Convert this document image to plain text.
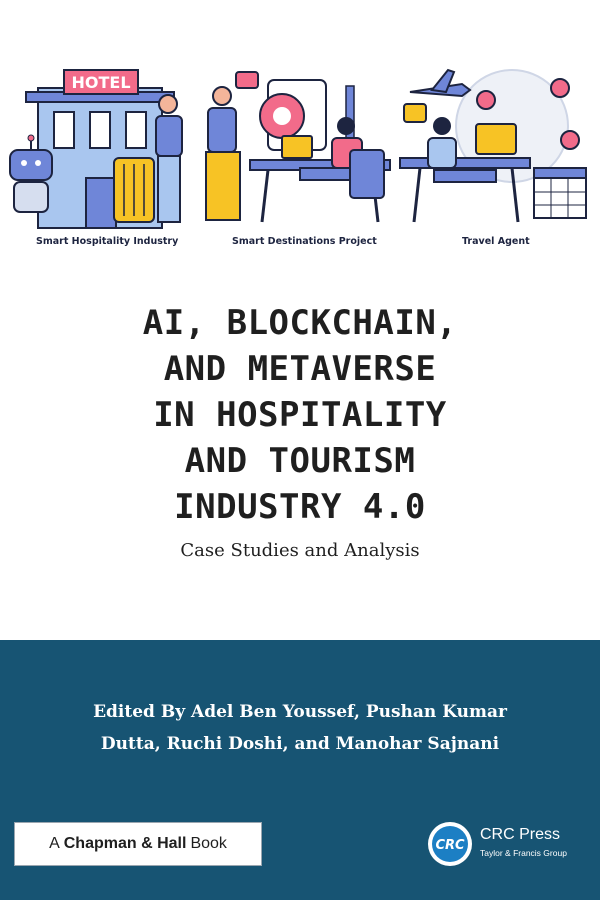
HOTEL
Smart Hospitality Industry	Smart Destinations Project	Travel Agent
AI, BLOCKCHAIN,
AND METAVERSE
IN HOSPITALITY
AND TOURISM
INDUSTRY 4.0
Case Studies and Analysis
Edited By Adel Ben Youssef, Pushan Kumar
Dutta, Ruchi Doshi, and Manohar Sajnani
A Chapman & Hall Book	CRC
CRC Press
Taylor & Francis Group
